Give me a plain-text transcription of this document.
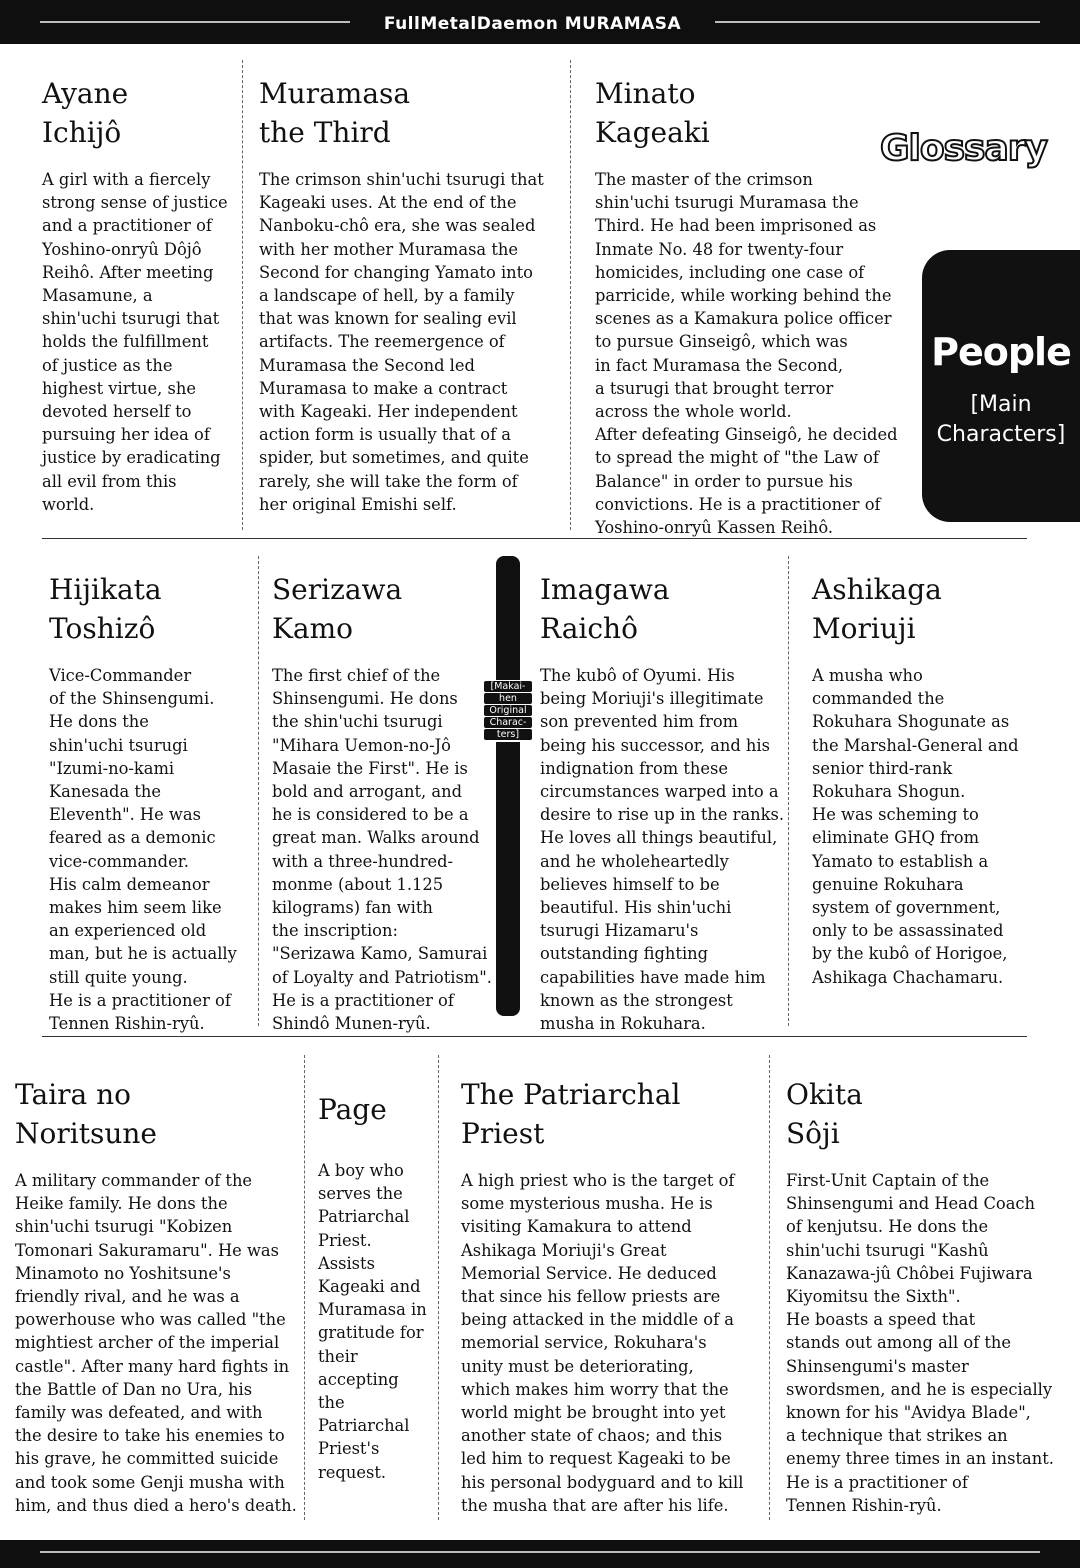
FullMetalDaemon MURAMASA
Glossary
People
[Main
Characters]
Ayane
Ichijô

A girl with a fiercely
strong sense of justice
and a practitioner of
Yoshino-onryû Dôjô
Reihô. After meeting
Masamune, a
shin'uchi tsurugi that
holds the fulfillment
of justice as the
highest virtue, she
devoted herself to
pursuing her idea of
justice by eradicating
all evil from this
world.

Muramasa
the Third

The crimson shin'uchi tsurugi that
Kageaki uses. At the end of the
Nanboku-chô era, she was sealed
with her mother Muramasa the
Second for changing Yamato into
a landscape of hell, by a family
that was known for sealing evil
artifacts. The reemergence of
Muramasa the Second led
Muramasa to make a contract
with Kageaki. Her independent
action form is usually that of a
spider, but sometimes, and quite
rarely, she will take the form of
her original Emishi self.

Minato
Kageaki

The master of the crimson
shin'uchi tsurugi Muramasa the
Third. He had been imprisoned as
Inmate No. 48 for twenty-four
homicides, including one case of
parricide, while working behind the
scenes as a Kamakura police officer
to pursue Ginseigô, which was
in fact Muramasa the Second,
a tsurugi that brought terror
across the whole world.
After defeating Ginseigô, he decided
to spread the might of "the Law of
Balance" in order to pursue his
convictions. He is a practitioner of
Yoshino-onryû Kassen Reihô.

Hijikata
Toshizô

Vice-Commander
of the Shinsengumi.
He dons the
shin'uchi tsurugi
"Izumi-no-kami
Kanesada the
Eleventh". He was
feared as a demonic
vice-commander.
His calm demeanor
makes him seem like
an experienced old
man, but he is actually
still quite young.
He is a practitioner of
Tennen Rishin-ryû.

Serizawa
Kamo

The first chief of the
Shinsengumi. He dons
the shin'uchi tsurugi
"Mihara Uemon-no-Jô
Masaie the First". He is
bold and arrogant, and
he is considered to be a
great man. Walks around
with a three-hundred-
monme (about 1.125
kilograms) fan with
the inscription:
"Serizawa Kamo, Samurai
of Loyalty and Patriotism".
He is a practitioner of
Shindô Munen-ryû.

[Makai-
hen
Original
Charac-
ters]
Imagawa
Raichô

The kubô of Oyumi. His
being Moriuji's illegitimate
son prevented him from
being his successor, and his
indignation from these
circumstances warped into a
desire to rise up in the ranks.
He loves all things beautiful,
and he wholeheartedly
believes himself to be
beautiful. His shin'uchi
tsurugi Hizamaru's
outstanding fighting
capabilities have made him
known as the strongest
musha in Rokuhara.

Ashikaga
Moriuji

A musha who
commanded the
Rokuhara Shogunate as
the Marshal-General and
senior third-rank
Rokuhara Shogun.
He was scheming to
eliminate GHQ from
Yamato to establish a
genuine Rokuhara
system of government,
only to be assassinated
by the kubô of Horigoe,
Ashikaga Chachamaru.

Taira no
Noritsune

A military commander of the
Heike family. He dons the
shin'uchi tsurugi "Kobizen
Tomonari Sakuramaru". He was
Minamoto no Yoshitsune's
friendly rival, and he was a
powerhouse who was called "the
mightiest archer of the imperial
castle". After many hard fights in
the Battle of Dan no Ura, his
family was defeated, and with
the desire to take his enemies to
his grave, he committed suicide
and took some Genji musha with
him, and thus died a hero's death.

Page

A boy who
serves the
Patriarchal
Priest.
Assists
Kageaki and
Muramasa in
gratitude for
their
accepting
the
Patriarchal
Priest's
request.

The Patriarchal
Priest

A high priest who is the target of
some mysterious musha. He is
visiting Kamakura to attend
Ashikaga Moriuji's Great
Memorial Service. He deduced
that since his fellow priests are
being attacked in the middle of a
memorial service, Rokuhara's
unity must be deteriorating,
which makes him worry that the
world might be brought into yet
another state of chaos; and this
led him to request Kageaki to be
his personal bodyguard and to kill
the musha that are after his life.

Okita
Sôji

First-Unit Captain of the
Shinsengumi and Head Coach
of kenjutsu. He dons the
shin'uchi tsurugi "Kashû
Kanazawa-jû Chôbei Fujiwara
Kiyomitsu the Sixth".
He boasts a speed that
stands out among all of the
Shinsengumi's master
swordsmen, and he is especially
known for his "Avidya Blade",
a technique that strikes an
enemy three times in an instant.
He is a practitioner of
Tennen Rishin-ryû.
